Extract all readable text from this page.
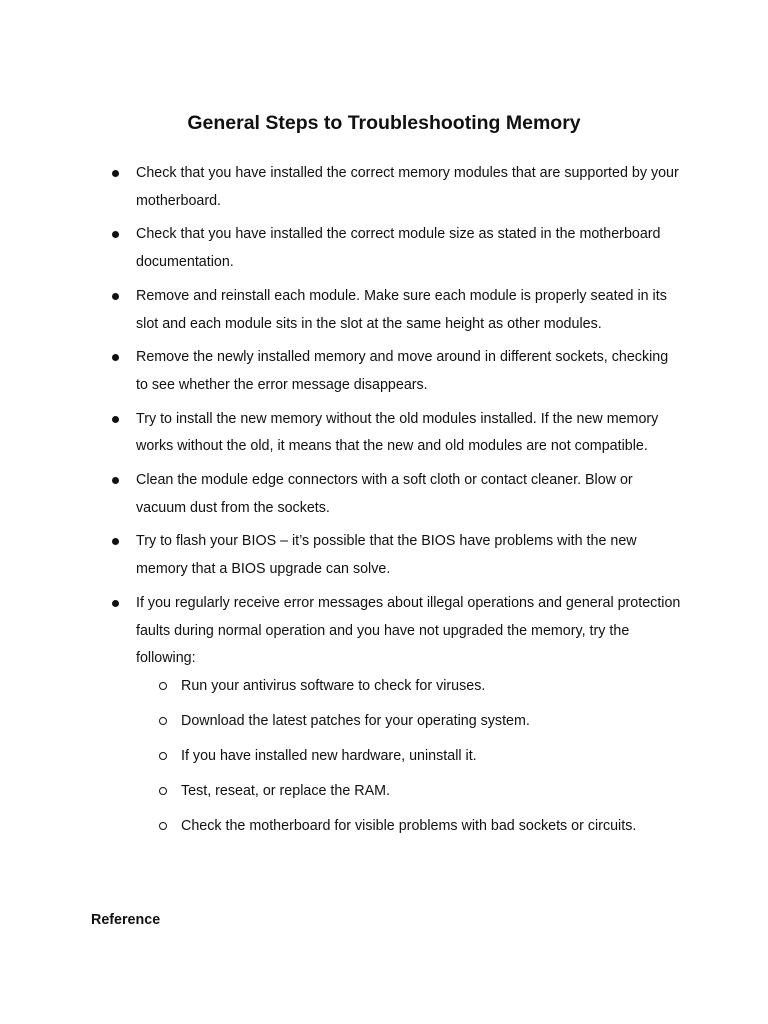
General Steps to Troubleshooting Memory
Check that you have installed the correct memory modules that are supported by your motherboard.
Check that you have installed the correct module size as stated in the motherboard documentation.
Remove and reinstall each module. Make sure each module is properly seated in its slot and each module sits in the slot at the same height as other modules.
Remove the newly installed memory and move around in different sockets, checking to see whether the error message disappears.
Try to install the new memory without the old modules installed. If the new memory works without the old, it means that the new and old modules are not compatible.
Clean the module edge connectors with a soft cloth or contact cleaner. Blow or vacuum dust from the sockets.
Try to flash your BIOS – it’s possible that the BIOS have problems with the new memory that a BIOS upgrade can solve.
If you regularly receive error messages about illegal operations and general protection faults during normal operation and you have not upgraded the memory, try the following:
Run your antivirus software to check for viruses.
Download the latest patches for your operating system.
If you have installed new hardware, uninstall it.
Test, reseat, or replace the RAM.
Check the motherboard for visible problems with bad sockets or circuits.
Reference
